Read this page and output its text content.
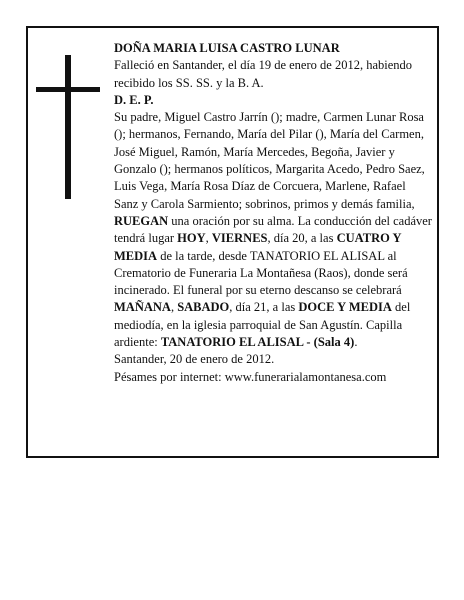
DOÑA MARIA LUISA CASTRO LUNAR

Falleció en Santander, el día 19 de enero de 2012, habiendo recibido los SS. SS. y la B. A.

D. E. P.

Su padre, Miguel Castro Jarrín (); madre, Carmen Lunar Rosa (); hermanos, Fernando, María del Pilar (), María del Carmen, José Miguel, Ramón, María Mercedes, Begoña, Javier y Gonzalo (); hermanos políticos, Margarita Acedo, Pedro Saez, Luis Vega, María Rosa Díaz de Corcuera, Marlene, Rafael Sanz y Carola Sarmiento; sobrinos, primos y demás familia, RUEGAN una oración por su alma. La conducción del cadáver tendrá lugar HOY, VIERNES, día 20, a las CUATRO Y MEDIA de la tarde, desde TANATORIO EL ALISAL al Crematorio de Funeraria La Montañesa (Raos), donde será incinerado. El funeral por su eterno descanso se celebrará MAÑANA, SABADO, día 21, a las DOCE Y MEDIA del mediodía, en la iglesia parroquial de San Agustín. Capilla ardiente: TANATORIO EL ALISAL - (Sala 4).

Santander, 20 de enero de 2012.

Pésames por internet: www.funerarialamontanesa.com
